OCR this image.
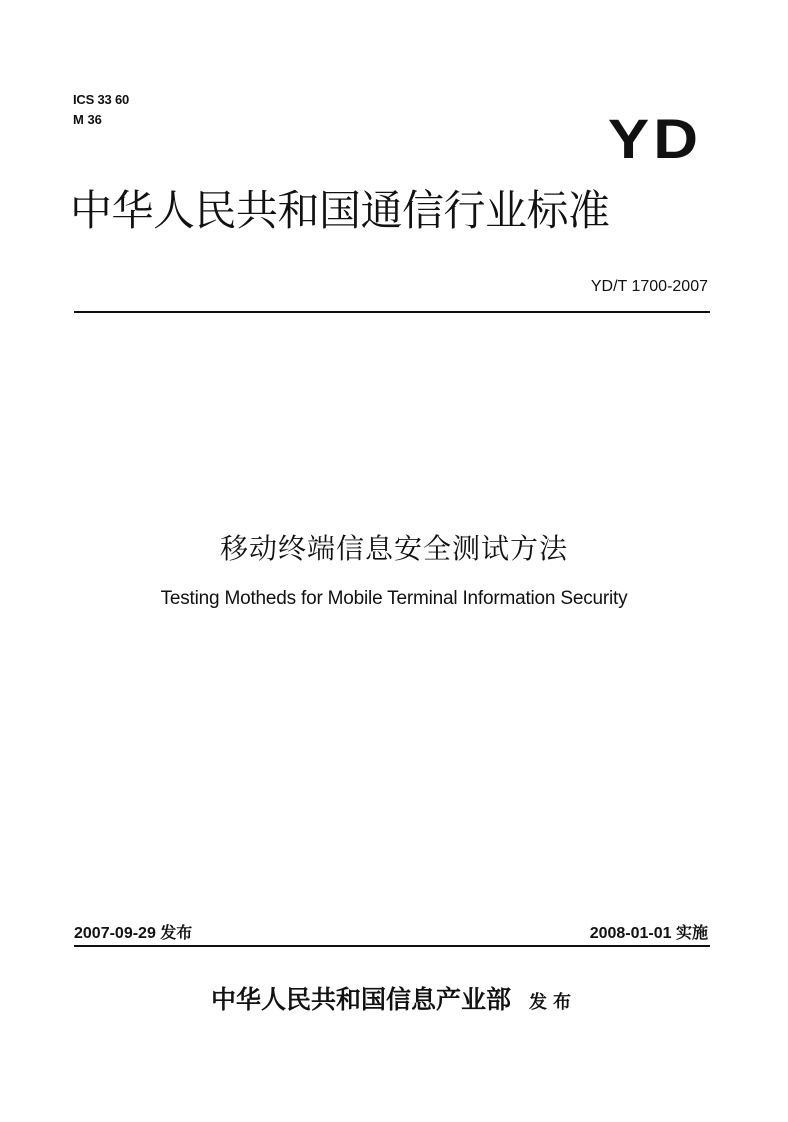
ICS 33 60
M 36	YD
中华人民共和国通信行业标准
YD/T 1700-2007
移动终端信息安全测试方法
Testing Motheds for Mobile Terminal Information Security
2007-09-29 发布	2008-01-01 实施
中华人民共和国信息产业部 发布
